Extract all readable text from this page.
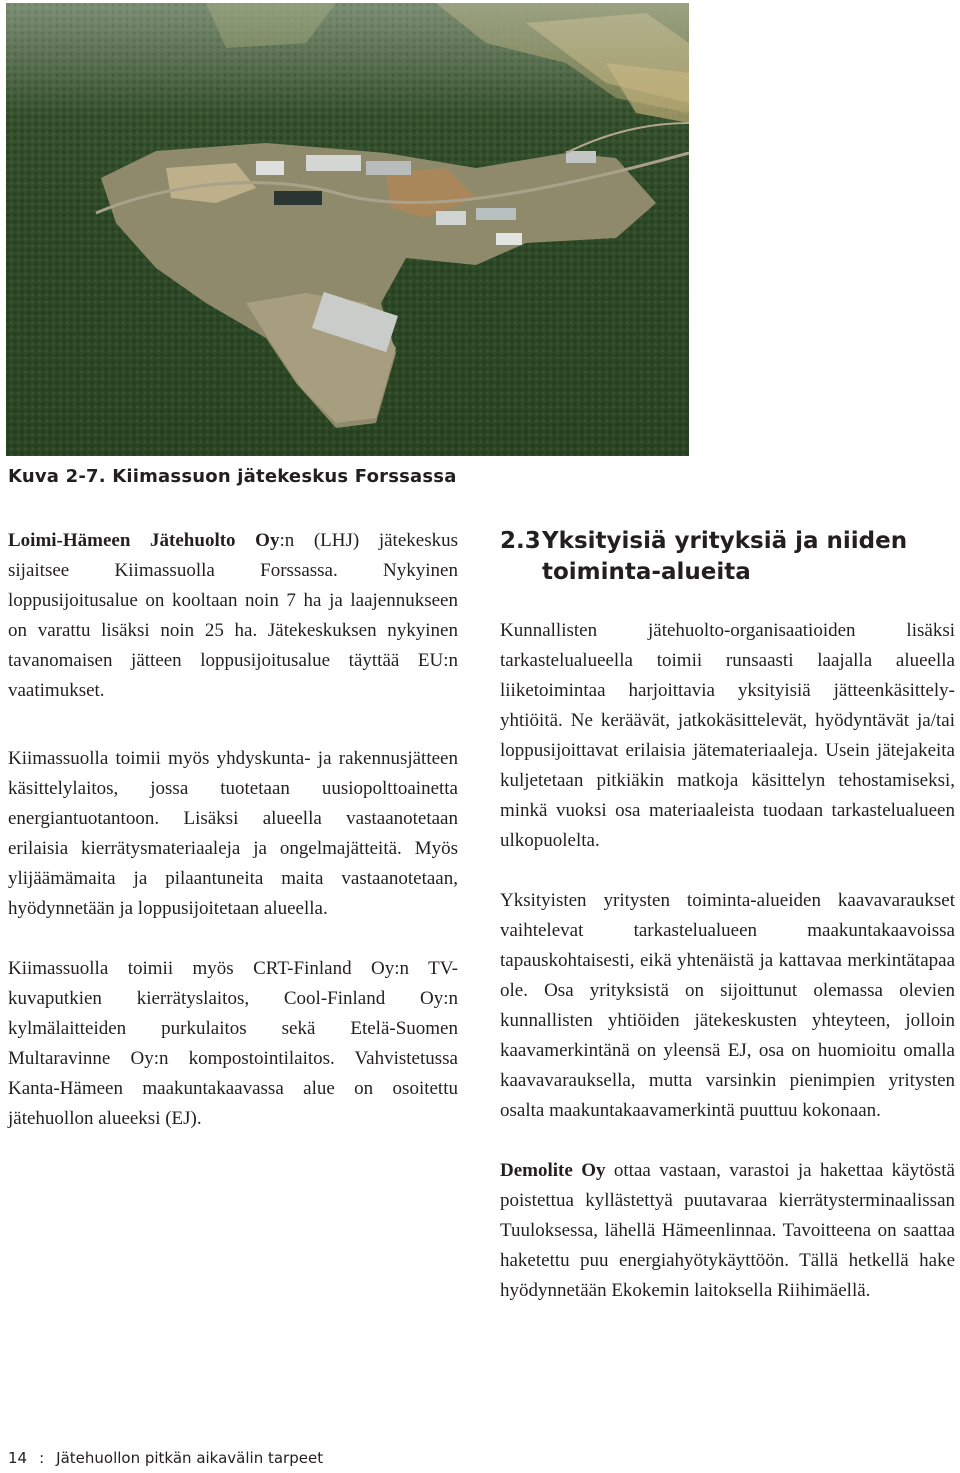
Kuva 2-7. Kiimassuon jätekeskus Forssassa

Loimi-Hämeen Jätehuolto Oy:n (LHJ) jätekeskus sijaitsee Kiimassuolla Forssassa. Nykyinen loppusijoitusalue on kooltaan noin 7 ha ja laajennukseen on varattu lisäksi noin 25 ha. Jätekeskuksen nykyinen tavanomaisen jätteen loppusijoitusalue täyttää EU:n vaatimukset.

Kiimassuolla toimii myös yhdyskunta- ja rakennusjätteen käsittelylaitos, jossa tuotetaan uusiopolttoainetta energiantuotantoon. Lisäksi alueella vastaanotetaan erilaisia kierrätysmateriaaleja ja ongelmajätteitä. Myös ylijäämämaita ja pilaantuneita maita vastaanotetaan, hyödynnetään ja loppusijoitetaan alueella.

Kiimassuolla toimii myös CRT-Finland Oy:n TV-kuvaputkien kierrätyslaitos, Cool-Finland Oy:n kylmälaitteiden purkulaitos sekä Etelä-Suomen Multaravinne Oy:n kompostointilaitos. Vahvistetussa Kanta-Hämeen maakuntakaavassa alue on osoitettu jätehuollon alueeksi (EJ).

2.3Yksityisiä yrityksiä ja niiden
toiminta-alueita

Kunnallisten jätehuolto-organisaatioiden lisäksi tarkastelualueella toimii runsaasti laajalla alueella liiketoimintaa harjoittavia yksityisiä jätteenkäsittely-yhtiöitä. Ne keräävät, jatkokäsittelevät, hyödyntävät ja/tai loppusijoittavat erilaisia jätemateriaaleja. Usein jätejakeita kuljetetaan pitkiäkin matkoja käsittelyn tehostamiseksi, minkä vuoksi osa materiaaleista tuodaan tarkastelualueen ulkopuolelta.

Yksityisten yritysten toiminta-alueiden kaavavaraukset vaihtelevat tarkastelualueen maakuntakaavoissa tapauskohtaisesti, eikä yhtenäistä ja kattavaa merkintätapaa ole. Osa yrityksistä on sijoittunut olemassa olevien kunnallisten yhtiöiden jätekeskusten yhteyteen, jolloin kaavamerkintänä on yleensä EJ, osa on huomioitu omalla kaavavarauksella, mutta varsinkin pienimpien yritysten osalta maakuntakaavamerkintä puuttuu kokonaan.

Demolite Oy ottaa vastaan, varastoi ja hakettaa käytöstä poistettua kyllästettyä puutavaraa kierrätysterminaalissan Tuuloksessa, lähellä Hämeenlinnaa. Tavoitteena on saattaa haketettu puu energiahyötykäyttöön. Tällä hetkellä hake hyödynnetään Ekokemin laitoksella Riihimäellä.

14 : Jätehuollon pitkän aikavälin tarpeet
